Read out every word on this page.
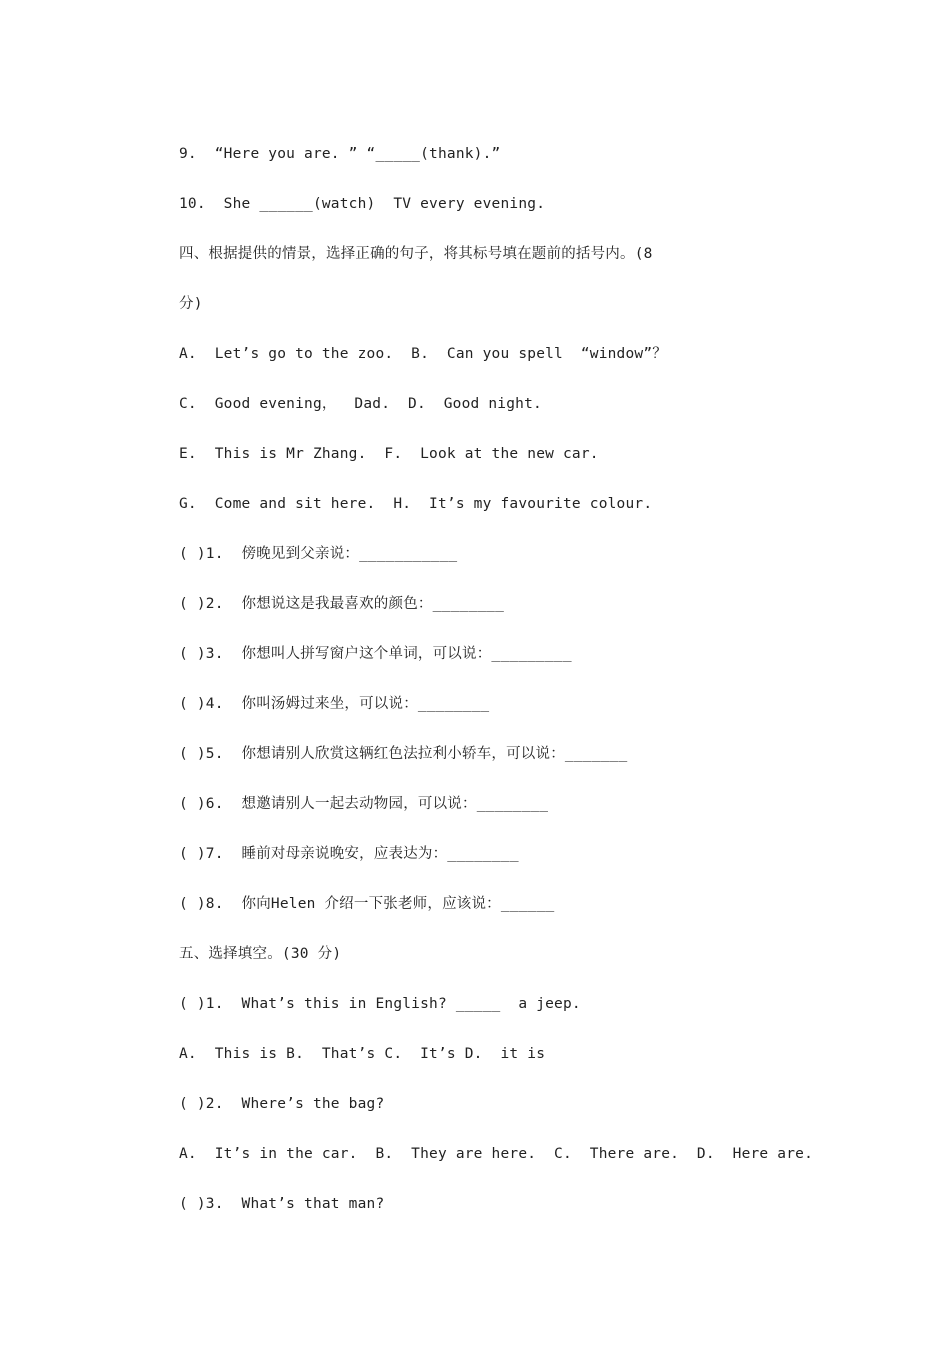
9.  “Here you are. ” “_____(thank).”
10.  She ______(watch)  TV every evening.
四、根据提供的情景，选择正确的句子，将其标号填在题前的括号内。(8
分)
A.  Let’s go to the zoo.  B.  Can you spell  “window”？
C.  Good evening，  Dad.  D.  Good night.
E.  This is Mr Zhang.  F.  Look at the new car.
G.  Come and sit here.  H.  It’s my favourite colour.
( )1.  傍晚见到父亲说：___________
( )2.  你想说这是我最喜欢的颜色：________
( )3.  你想叫人拼写窗户这个单词，可以说：_________
( )4.  你叫汤姆过来坐，可以说：________
( )5.  你想请别人欣赏这辆红色法拉利小轿车，可以说：_______
( )6.  想邀请别人一起去动物园，可以说：________
( )7.  睡前对母亲说晚安，应表达为：________
( )8.  你向Helen 介绍一下张老师，应该说：______
五、选择填空。(30 分)
( )1.  What’s this in English? _____  a jeep.
A.  This is B.  That’s C.  It’s D.  it is
( )2.  Where’s the bag?
A.  It’s in the car.  B.  They are here.  C.  There are.  D.  Here are.
( )3.  What’s that man?
